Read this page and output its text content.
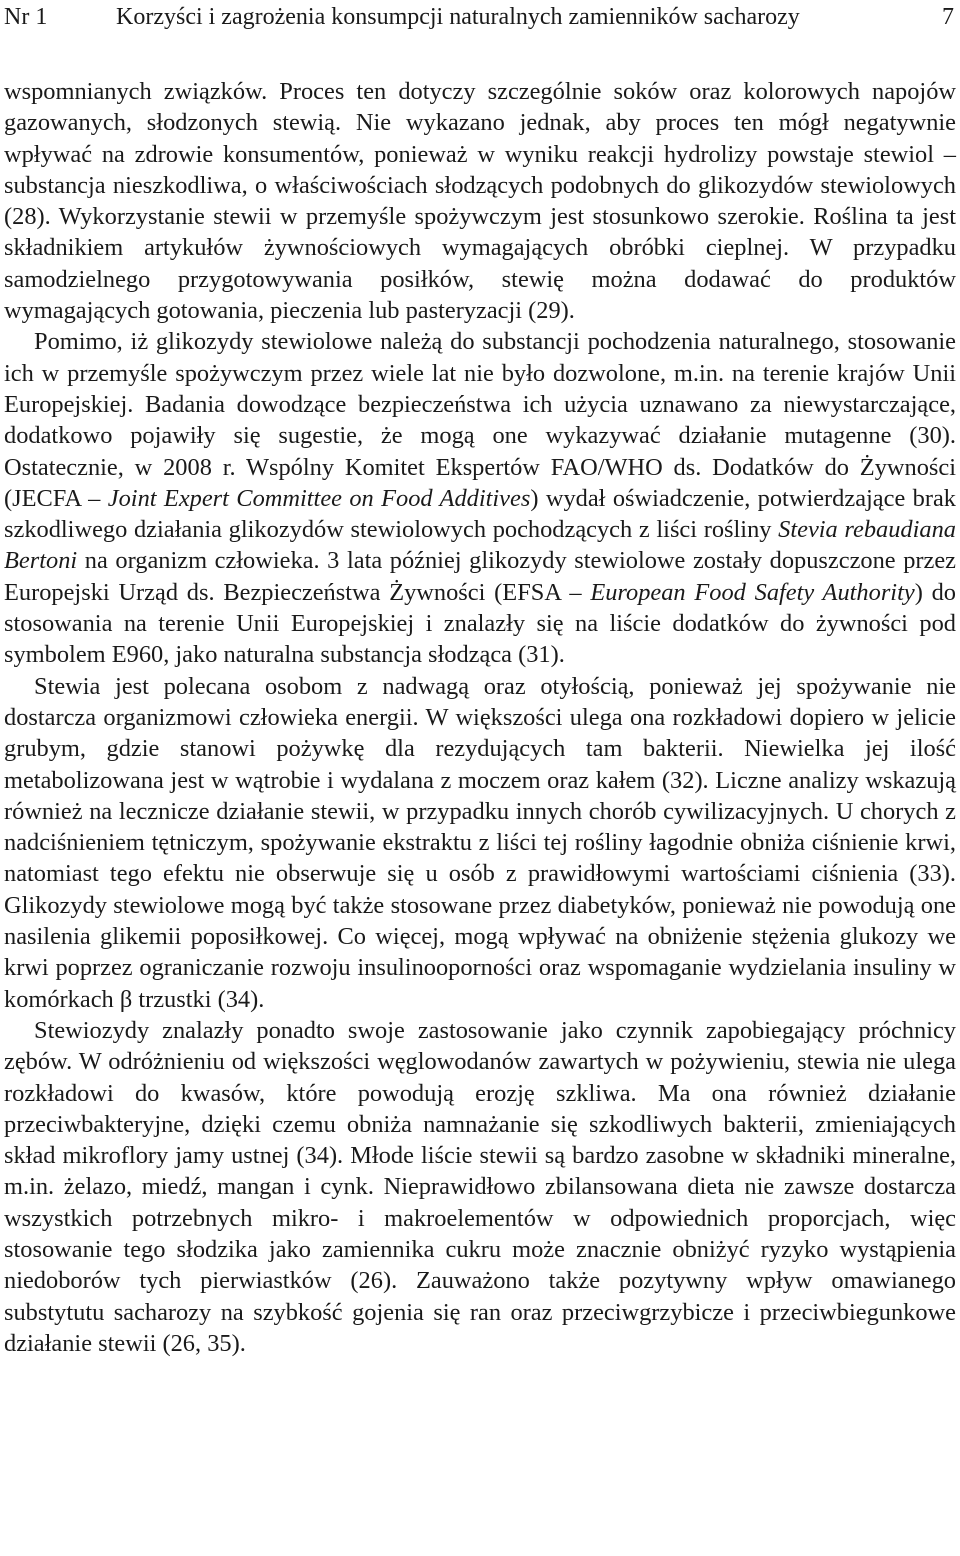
Nr 1	Korzyści i zagrożenia konsumpcji naturalnych zamienników sacharozy	7

wspomnianych związków. Proces ten dotyczy szczególnie soków oraz kolorowych napojów gazowanych, słodzonych stewią. Nie wykazano jednak, aby proces ten mógł negatywnie wpływać na zdrowie konsumentów, ponieważ w wyniku reakcji hydrolizy powstaje stewiol – substancja nieszkodliwa, o właściwościach słodzących podobnych do glikozydów stewiolowych (28). Wykorzystanie stewii w przemyśle spożywczym jest stosunkowo szerokie. Roślina ta jest składnikiem artykułów żywnościowych wymagających obróbki cieplnej. W przypadku samodzielnego przygotowywania posiłków, stewię można dodawać do produktów wymagających gotowania, pieczenia lub pasteryzacji (29).

Pomimo, iż glikozydy stewiolowe należą do substancji pochodzenia naturalnego, stosowanie ich w przemyśle spożywczym przez wiele lat nie było dozwolone, m.in. na terenie krajów Unii Europejskiej. Badania dowodzące bezpieczeństwa ich użycia uznawano za niewystarczające, dodatkowo pojawiły się sugestie, że mogą one wykazywać działanie mutagenne (30). Ostatecznie, w 2008 r. Wspólny Komitet Ekspertów FAO/WHO ds. Dodatków do Żywności (JECFA – Joint Expert Committee on Food Additives) wydał oświadczenie, potwierdzające brak szkodliwego działania glikozydów stewiolowych pochodzących z liści rośliny Stevia rebaudiana Bertoni na organizm człowieka. 3 lata później glikozydy stewiolowe zostały dopuszczone przez Europejski Urząd ds. Bezpieczeństwa Żywności (EFSA – European Food Safety Authority) do stosowania na terenie Unii Europejskiej i znalazły się na liście dodatków do żywności pod symbolem E960, jako naturalna substancja słodząca (31).

Stewia jest polecana osobom z nadwagą oraz otyłością, ponieważ jej spożywanie nie dostarcza organizmowi człowieka energii. W większości ulega ona rozkładowi dopiero w jelicie grubym, gdzie stanowi pożywkę dla rezydujących tam bakterii. Niewielka jej ilość metabolizowana jest w wątrobie i wydalana z moczem oraz kałem (32). Liczne analizy wskazują również na lecznicze działanie stewii, w przypadku innych chorób cywilizacyjnych. U chorych z nadciśnieniem tętniczym, spożywanie ekstraktu z liści tej rośliny łagodnie obniża ciśnienie krwi, natomiast tego efektu nie obserwuje się u osób z prawidłowymi wartościami ciśnienia (33). Glikozydy stewiolowe mogą być także stosowane przez diabetyków, ponieważ nie powodują one nasilenia glikemii poposiłkowej. Co więcej, mogą wpływać na obniżenie stężenia glukozy we krwi poprzez ograniczanie rozwoju insulinooporności oraz wspomaganie wydzielania insuliny w komórkach β trzustki (34).

Stewiozydy znalazły ponadto swoje zastosowanie jako czynnik zapobiegający próchnicy zębów. W odróżnieniu od większości węglowodanów zawartych w pożywieniu, stewia nie ulega rozkładowi do kwasów, które powodują erozję szkliwa. Ma ona również działanie przeciwbakteryjne, dzięki czemu obniża namnażanie się szkodliwych bakterii, zmieniających skład mikroflory jamy ustnej (34). Młode liście stewii są bardzo zasobne w składniki mineralne, m.in. żelazo, miedź, mangan i cynk. Nieprawidłowo zbilansowana dieta nie zawsze dostarcza wszystkich potrzebnych mikro- i makroelementów w odpowiednich proporcjach, więc stosowanie tego słodzika jako zamiennika cukru może znacznie obniżyć ryzyko wystąpienia niedoborów tych pierwiastków (26). Zauważono także pozytywny wpływ omawianego substytutu sacharozy na szybkość gojenia się ran oraz przeciwgrzybicze i przeciwbiegunkowe działanie stewii (26, 35).
